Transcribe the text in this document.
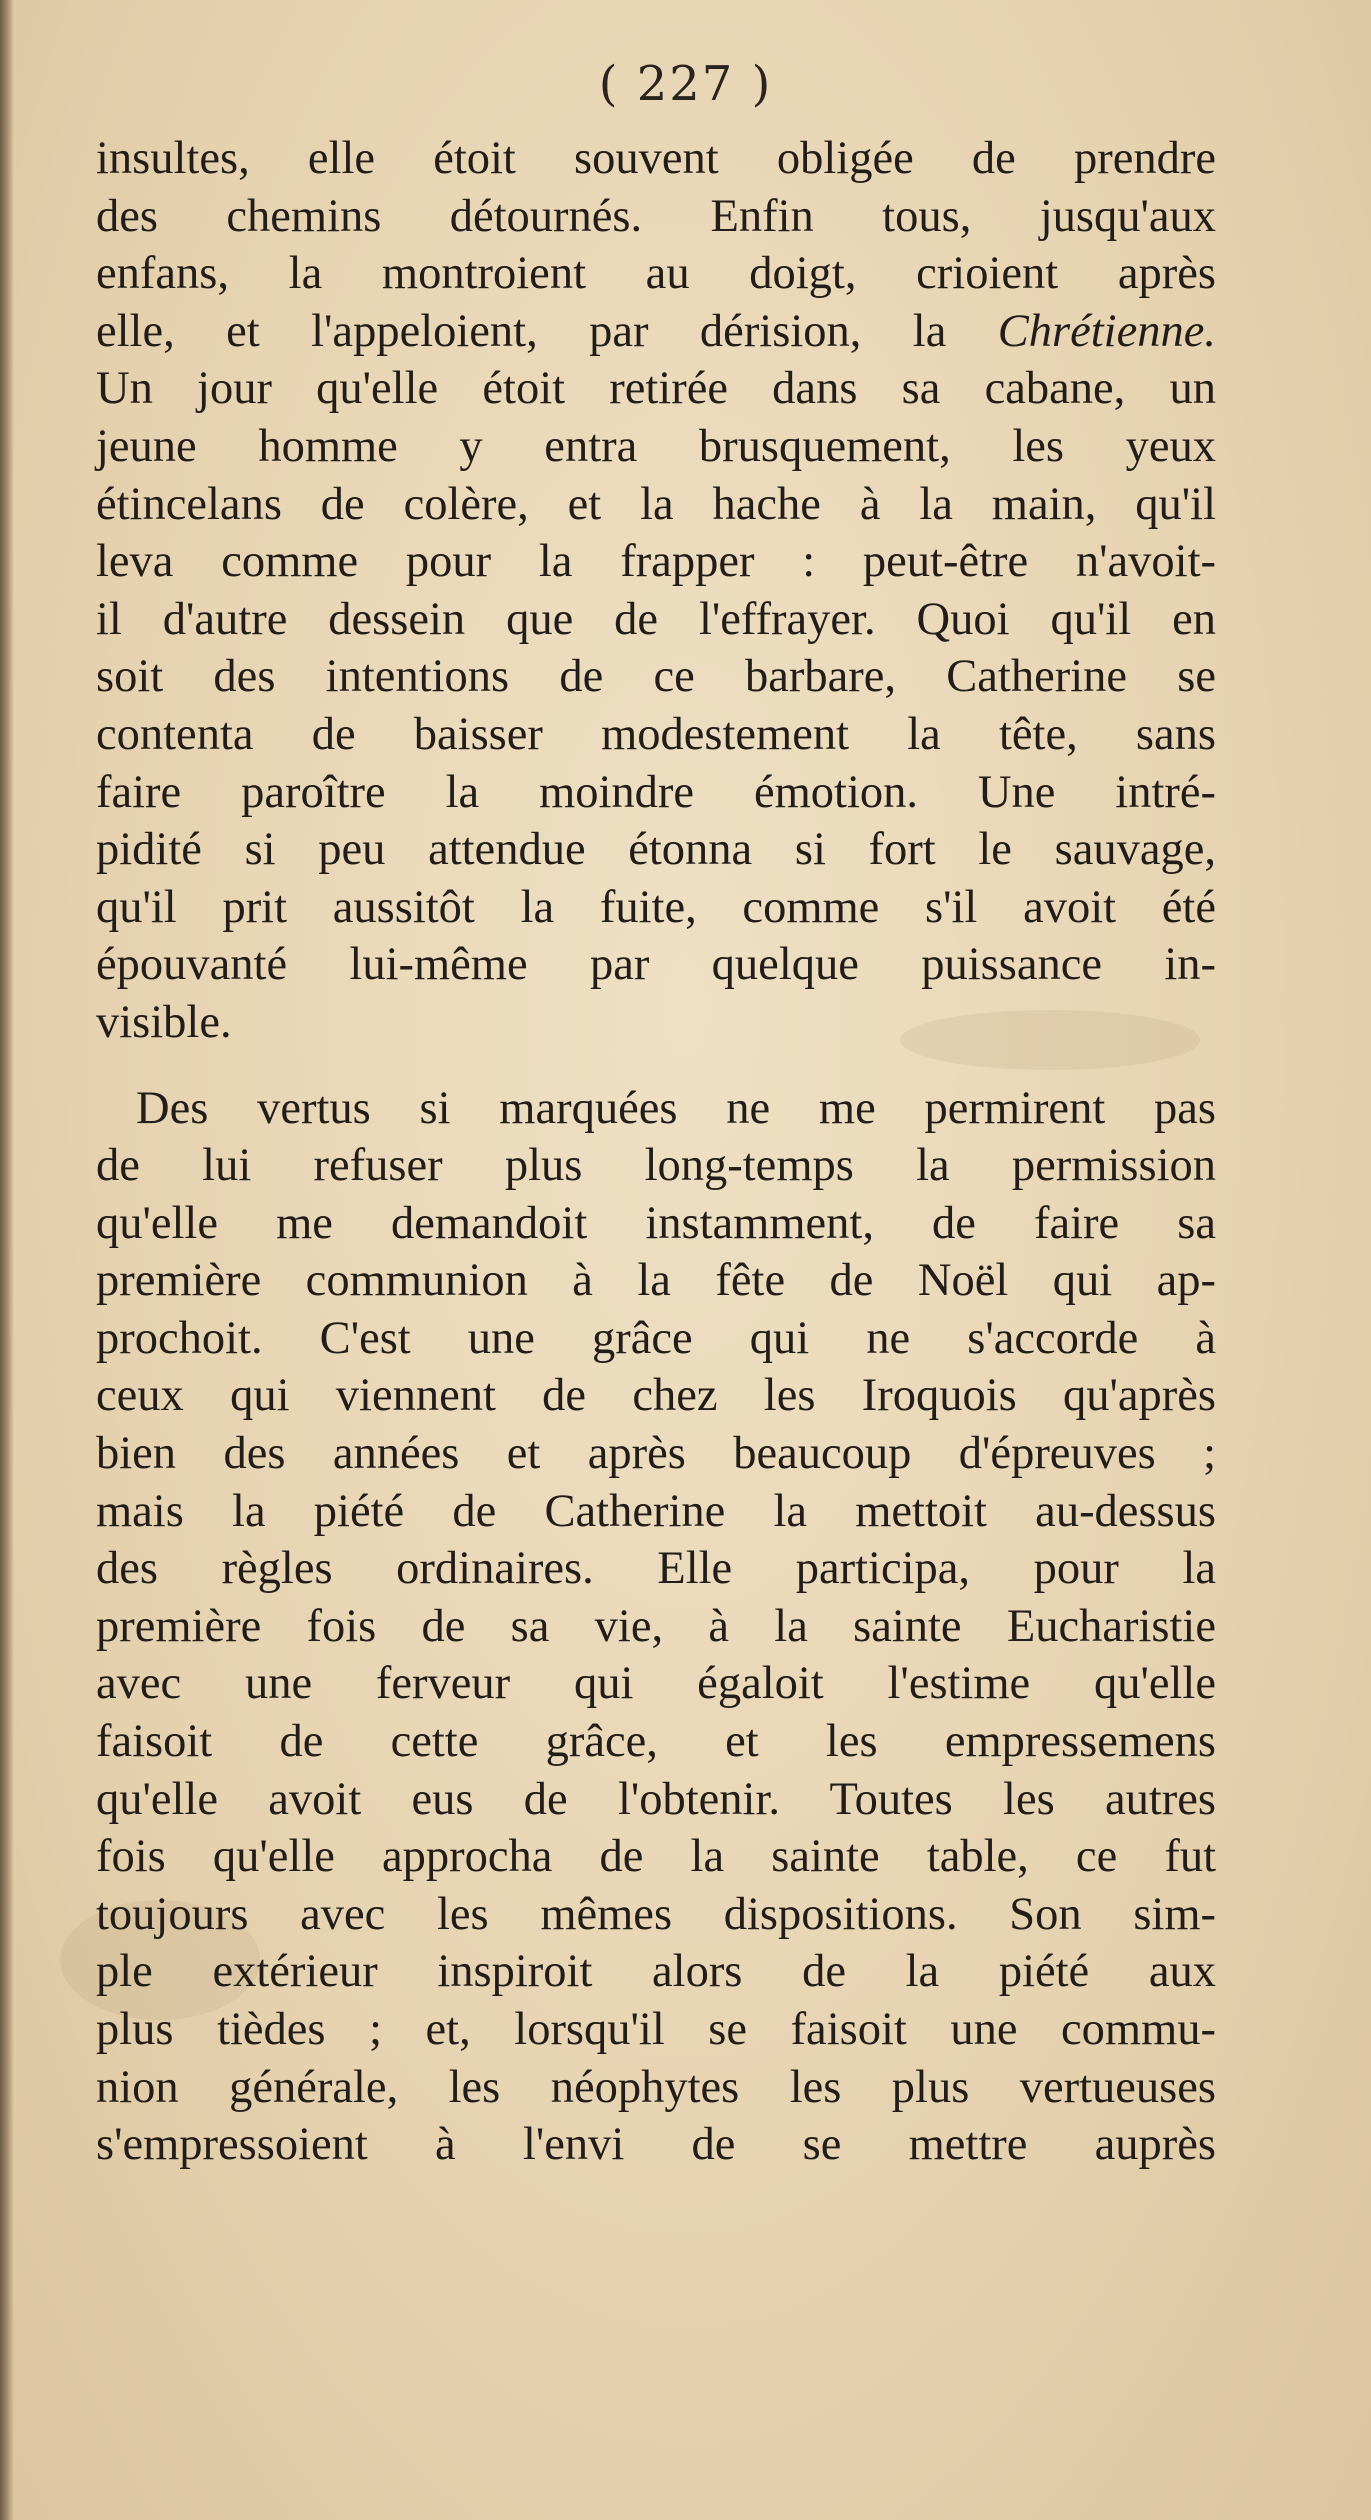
( 227 )
insultes, elle étoit souvent obligée de prendre
des chemins détournés. Enfin tous, jusqu'aux
enfans, la montroient au doigt, crioient après
elle, et l'appeloient, par dérision, la Chrétienne.
Un jour qu'elle étoit retirée dans sa cabane, un
jeune homme y entra brusquement, les yeux
étincelans de colère, et la hache à la main, qu'il
leva comme pour la frapper : peut-être n'avoit-
il d'autre dessein que de l'effrayer. Quoi qu'il en
soit des intentions de ce barbare, Catherine se
contenta de baisser modestement la tête, sans
faire paroître la moindre émotion. Une intré-
pidité si peu attendue étonna si fort le sauvage,
qu'il prit aussitôt la fuite, comme s'il avoit été
épouvanté lui-même par quelque puissance in-
visible.
Des vertus si marquées ne me permirent pas
de lui refuser plus long-temps la permission
qu'elle me demandoit instamment, de faire sa
première communion à la fête de Noël qui ap-
prochoit. C'est une grâce qui ne s'accorde à
ceux qui viennent de chez les Iroquois qu'après
bien des années et après beaucoup d'épreuves ;
mais la piété de Catherine la mettoit au-dessus
des règles ordinaires. Elle participa, pour la
première fois de sa vie, à la sainte Eucharistie
avec une ferveur qui égaloit l'estime qu'elle
faisoit de cette grâce, et les empressemens
qu'elle avoit eus de l'obtenir. Toutes les autres
fois qu'elle approcha de la sainte table, ce fut
toujours avec les mêmes dispositions. Son sim-
ple extérieur inspiroit alors de la piété aux
plus tièdes ; et, lorsqu'il se faisoit une commu-
nion générale, les néophytes les plus vertueuses
s'empressoient à l'envi de se mettre auprès
